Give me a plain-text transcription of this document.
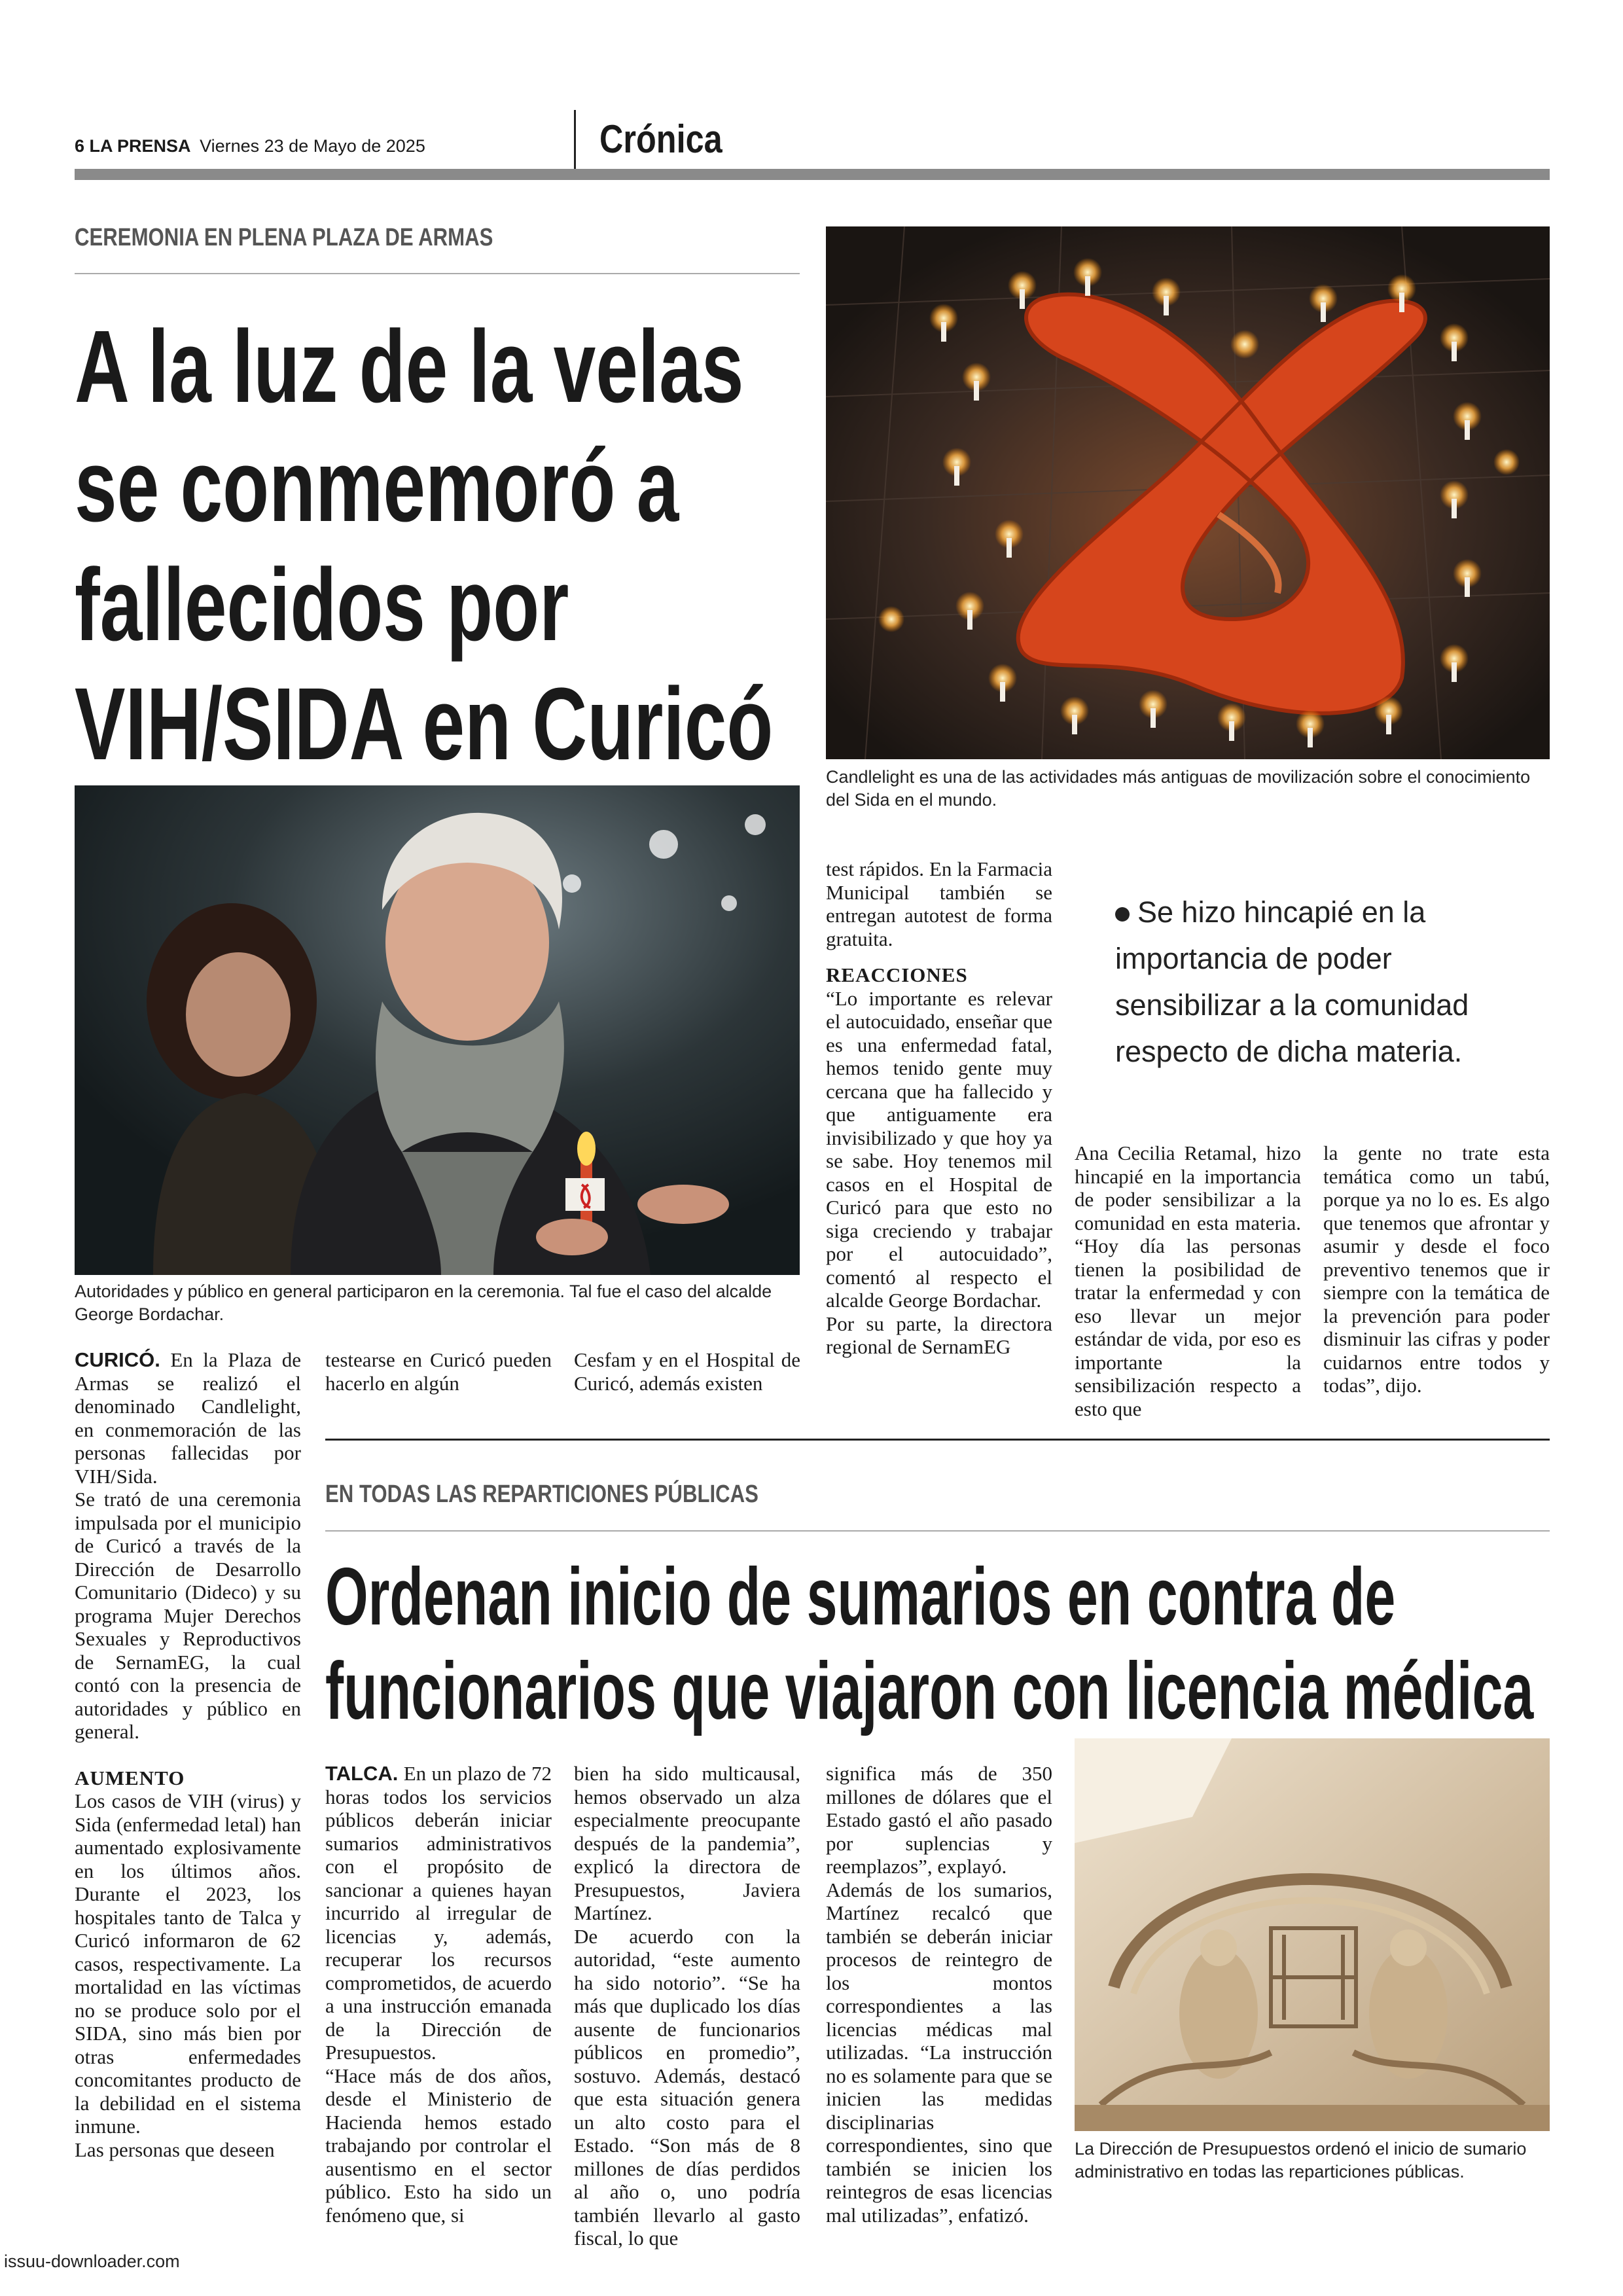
6 LA PRENSA Viernes 23 de Mayo de 2025	Crónica
CEREMONIA EN PLENA PLAZA DE ARMAS
A la luz de la velas
se conmemoró a
fallecidos por
VIH/SIDA en Curicó	Candlelight es una de las actividades más antiguas de movilización sobre el conocimiento del Sida en el mundo.
Autoridades y público en general participaron en la ceremonia. Tal fue el caso del alcalde George Bordachar.
Se hizo hincapié en la importancia de poder sensibilizar a la comunidad respecto de dicha materia.

CURICÓ. En la Plaza de Armas se realizó el denominado Candlelight, en conmemoración de las personas fallecidas por VIH/Sida.

Se trató de una ceremonia impulsada por el municipio de Curicó a través de la Dirección de Desarrollo Comunitario (Dideco) y su programa Mujer Derechos Sexuales y Reproductivos de SernamEG, la cual contó con la presencia de autoridades y público en general.

AUMENTO

Los casos de VIH (virus) y Sida (enfermedad letal) han aumentado explosivamente en los últimos años. Durante el 2023, los hospitales tanto de Talca y Curicó informaron de 62 casos, respectivamente. La mortalidad en las víctimas no se produce solo por el SIDA, sino más bien por otras enfermedades concomitantes producto de la debilidad en el sistema inmune.

Las personas que deseen

testearse en Curicó pueden hacerlo en algún

Cesfam y en el Hospital de Curicó, además existen

test rápidos. En la Farmacia Municipal también se entregan autotest de forma gratuita.

REACCIONES

“Lo importante es relevar el autocuidado, enseñar que es una enfermedad fatal, hemos tenido gente muy cercana que ha fallecido y que antiguamente era invisibilizado y que hoy ya se sabe. Hoy tenemos mil casos en el Hospital de Curicó para que esto no siga creciendo y trabajar por el autocuidado”, comentó al respecto el alcalde George Bordachar.

Por su parte, la directora regional de SernamEG

Ana Cecilia Retamal, hizo hincapié en la importancia de poder sensibilizar a la comunidad en esta materia. “Hoy día las personas tienen la posibilidad de tratar la enfermedad y con eso llevar un mejor estándar de vida, por eso es importante la sensibilización respecto a esto que

la gente no trate esta temática como un tabú, porque ya no lo es. Es algo que tenemos que afrontar y asumir y desde el foco preventivo tenemos que ir siempre con la temática de la prevención para poder disminuir las cifras y poder cuidarnos entre todos y todas”, dijo.

EN TODAS LAS REPARTICIONES PÚBLICAS
Ordenan inicio de sumarios en contra de
funcionarios que viajaron con licencia médica
La Dirección de Presupuestos ordenó el inicio de sumario administrativo en todas las reparticiones públicas.

TALCA. En un plazo de 72 horas todos los servicios públicos deberán iniciar sumarios administrativos con el propósito de sancionar a quienes hayan incurrido al irregular de licencias y, además, recuperar los recursos comprometidos, de acuerdo a una instrucción emanada de la Dirección de Presupuestos.

“Hace más de dos años, desde el Ministerio de Hacienda hemos estado trabajando por controlar el ausentismo en el sector público. Esto ha sido un fenómeno que, si

bien ha sido multicausal, hemos observado un alza especialmente preocupante después de la pandemia”, explicó la directora de Presupuestos, Javiera Martínez.

De acuerdo con la autoridad, “este aumento ha sido notorio”. “Se ha más que duplicado los días ausente de funcionarios públicos en promedio”, sostuvo. Además, destacó que esta situación genera un alto costo para el Estado. “Son más de 8 millones de días perdidos al año o, uno podría también llevarlo al gasto fiscal, lo que

significa más de 350 millones de dólares que el Estado gastó el año pasado por suplencias y reemplazos”, explayó.

Además de los sumarios, Martínez recalcó que también se deberán iniciar procesos de reintegro de los montos correspondientes a las licencias médicas mal utilizadas. “La instrucción no es solamente para que se inicien las medidas disciplinarias correspondientes, sino que también se inicien los reintegros de esas licencias mal utilizadas”, enfatizó.

issuu-downloader.com
